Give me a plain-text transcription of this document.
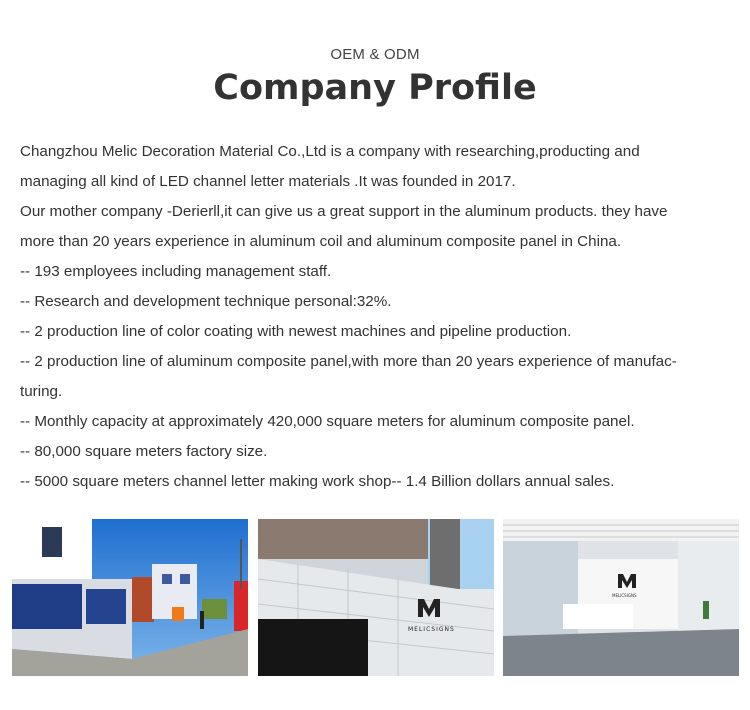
OEM & ODM
Company Profile
Changzhou Melic Decoration Material Co.,Ltd is a company with researching,producting and
managing all kind of LED channel letter materials .It was founded in 2017.
Our mother company -Derierll,it can give us a great support in the aluminum products. they have
more than 20 years experience in aluminum coil and aluminum composite panel in China.
-- 193 employees including management staff.
-- Research and development technique personal:32%.
-- 2 production line of color coating with newest machines and pipeline production.
-- 2 production line of aluminum composite panel,with more than 20 years experience of manufac-
turing.
-- Monthly capacity at approximately 420,000 square meters for aluminum composite panel.
-- 80,000 square meters factory size.
-- 5000 square meters channel letter making work shop-- 1.4 Billion dollars annual sales.
MELICSIGNS
MELICSIGNS
